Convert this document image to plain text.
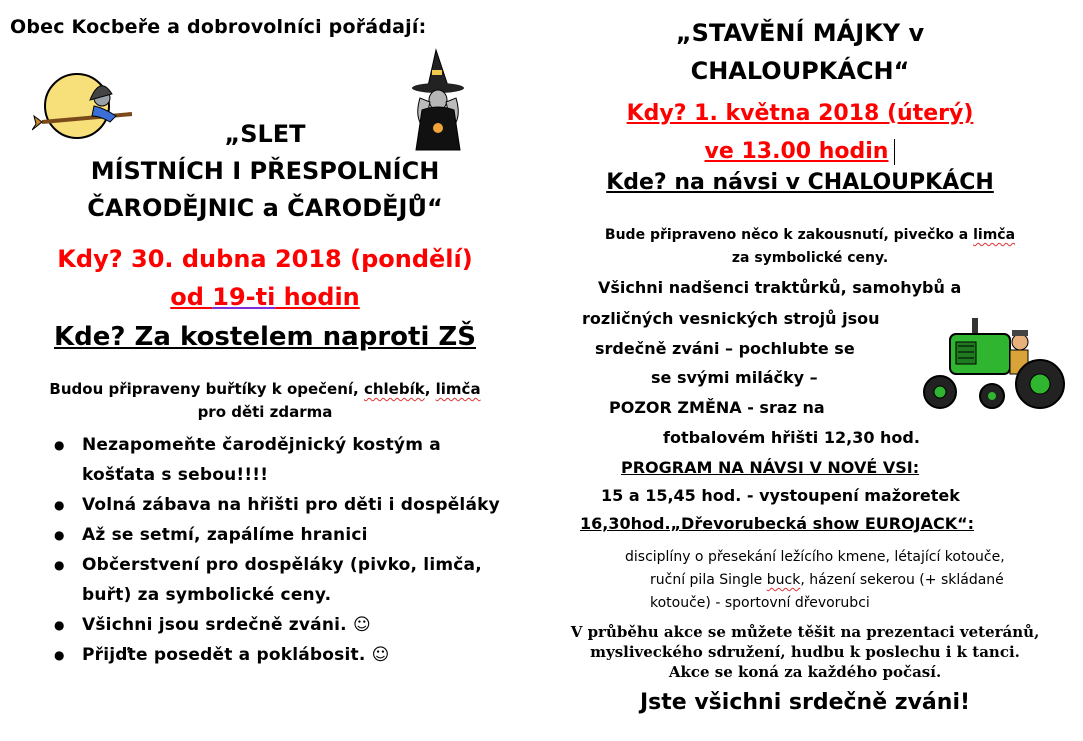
Obec Kocbeře a dobrovolníci pořádají:
„SLET
MÍSTNÍCH I PŘESPOLNÍCH
ČARODĚJNIC a ČARODĚJŮ“
Kdy? 30. dubna 2018 (pondělí)
od 19-ti hodin
Kde? Za kostelem naproti ZŠ
Budou připraveny buřtíky k opečení, chlebík, limča
pro děti zdarma
● Nezapomeňte čarodějnický kostým a košťata s sebou!!!!
● Volná zábava na hřišti pro děti i dospěláky
● Až se setmí, zapálíme hranici
● Občerstvení pro dospěláky (pivko, limča, buřt) za symbolické ceny.
● Všichni jsou srdečně zváni. ☺
● Přijďte posedět a poklábosit. ☺
„STAVĚNÍ MÁJKY v
CHALOUPKÁCH“
Kdy? 1. května 2018 (úterý)
ve 13.00 hodin
Kde? na návsi v CHALOUPKÁCH
Bude připraveno něco k zakousnutí, pivečko a limča
za symbolické ceny.
Všichni nadšenci traktůrků, samohybů a
rozličných vesnických strojů jsou
srdečně zváni – pochlubte se
se svými miláčky –
POZOR ZMĚNA - sraz na
fotbalovém hřišti 12,30 hod.
PROGRAM NA NÁVSI V NOVÉ VSI:
15 a 15,45 hod. - vystoupení mažoretek
16,30hod.„Dřevorubecká show EUROJACK“:
disciplíny o přesekání ležícího kmene, létající kotouče,
ruční pila Single buck, házení sekerou (+ skládané
kotouče) - sportovní dřevorubci
V průběhu akce se můžete těšit na prezentaci veteránů,
mysliveckého sdružení, hudbu k poslechu i k tanci.
Akce se koná za každého počasí.
Jste všichni srdečně zváni!
